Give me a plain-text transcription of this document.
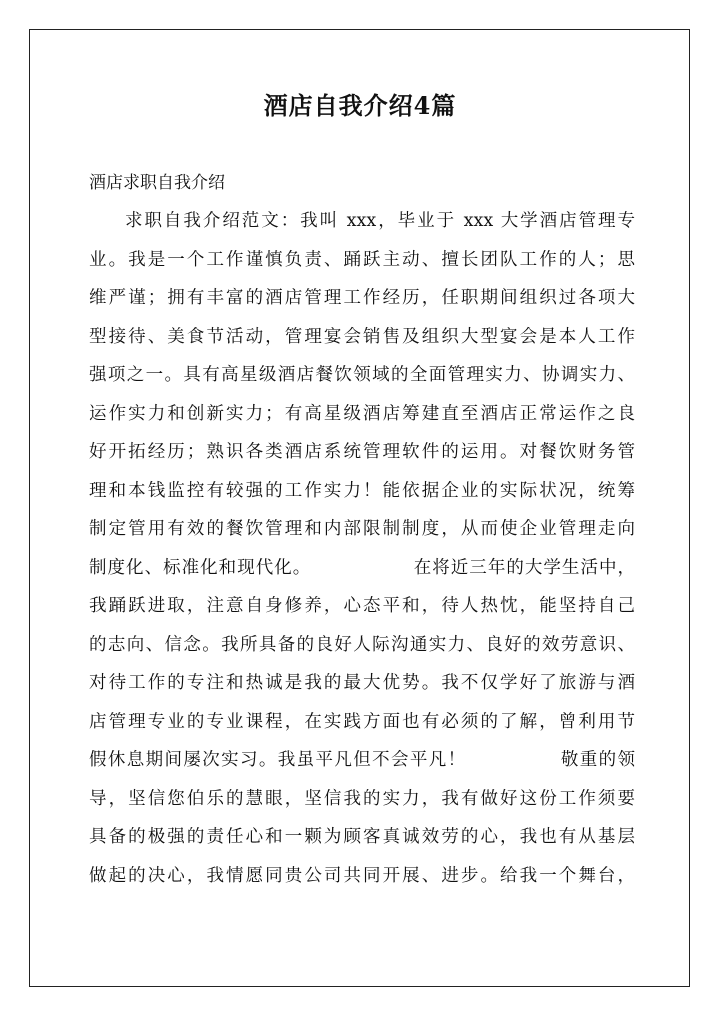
酒店自我介绍4篇
酒店求职自我介绍
求职自我介绍范文：我叫 xxx，毕业于 xxx 大学酒店管理专
业。我是一个工作谨慎负责、踊跃主动、擅长团队工作的人；思
维严谨；拥有丰富的酒店管理工作经历，任职期间组织过各项大
型接待、美食节活动，管理宴会销售及组织大型宴会是本人工作
强项之一。具有高星级酒店餐饮领域的全面管理实力、协调实力、
运作实力和创新实力；有高星级酒店筹建直至酒店正常运作之良
好开拓经历；熟识各类酒店系统管理软件的运用。对餐饮财务管
理和本钱监控有较强的工作实力！能依据企业的实际状况，统筹
制定管用有效的餐饮管理和内部限制制度，从而使企业管理走向
制度化、标准化和现代化。　　　　　　在将近三年的大学生活中，
我踊跃进取，注意自身修养，心态平和，待人热忱，能坚持自己
的志向、信念。我所具备的良好人际沟通实力、良好的效劳意识、
对待工作的专注和热诚是我的最大优势。我不仅学好了旅游与酒
店管理专业的专业课程，在实践方面也有必须的了解，曾利用节
假休息期间屡次实习。我虽平凡但不会平凡！　　　　　敬重的领
导，坚信您伯乐的慧眼，坚信我的实力，我有做好这份工作须要
具备的极强的责任心和一颗为顾客真诚效劳的心，我也有从基层
做起的决心，我情愿同贵公司共同开展、进步。给我一个舞台，
